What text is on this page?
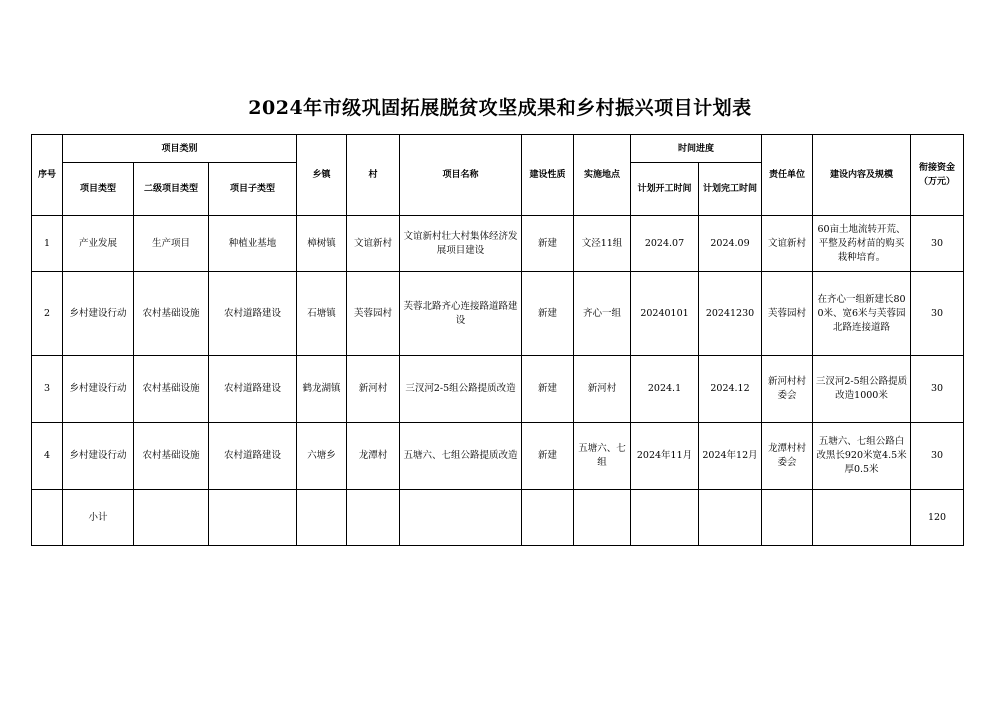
2024年市级巩固拓展脱贫攻坚成果和乡村振兴项目计划表
序号	项目类别			乡镇	村	项目名称	建设性质	实施地点	时间进度		责任单位	建设内容及规模	衔接资金（万元）
	项目类型	二级项目类型	项目子类型						计划开工时间	计划完工时间			
1	产业发展	生产项目	种植业基地	樟树镇	文谊新村	文谊新村壮大村集体经济发展项目建设	新建	文泾11组	2024.07	2024.09	文谊新村	60亩土地流转开荒、平整及药材苗的购买栽种培育。	30
2	乡村建设行动	农村基础设施	农村道路建设	石塘镇	芙蓉园村	芙蓉北路齐心连接路道路建设	新建	齐心一组	20240101	20241230	芙蓉园村	在齐心一组新建长800米、宽6米与芙蓉园北路连接道路	30
3	乡村建设行动	农村基础设施	农村道路建设	鹤龙湖镇	新河村	三汊河2-5组公路提质改造	新建	新河村	2024.1	2024.12	新河村村委会	三汊河2-5组公路提质改造1000米	30
4	乡村建设行动	农村基础设施	农村道路建设	六塘乡	龙潭村	五塘六、七组公路提质改造	新建	五塘六、七组	2024年11月	2024年12月	龙潭村村委会	五塘六、七组公路白改黑长920米宽4.5米厚0.5米	30
	小计												120
